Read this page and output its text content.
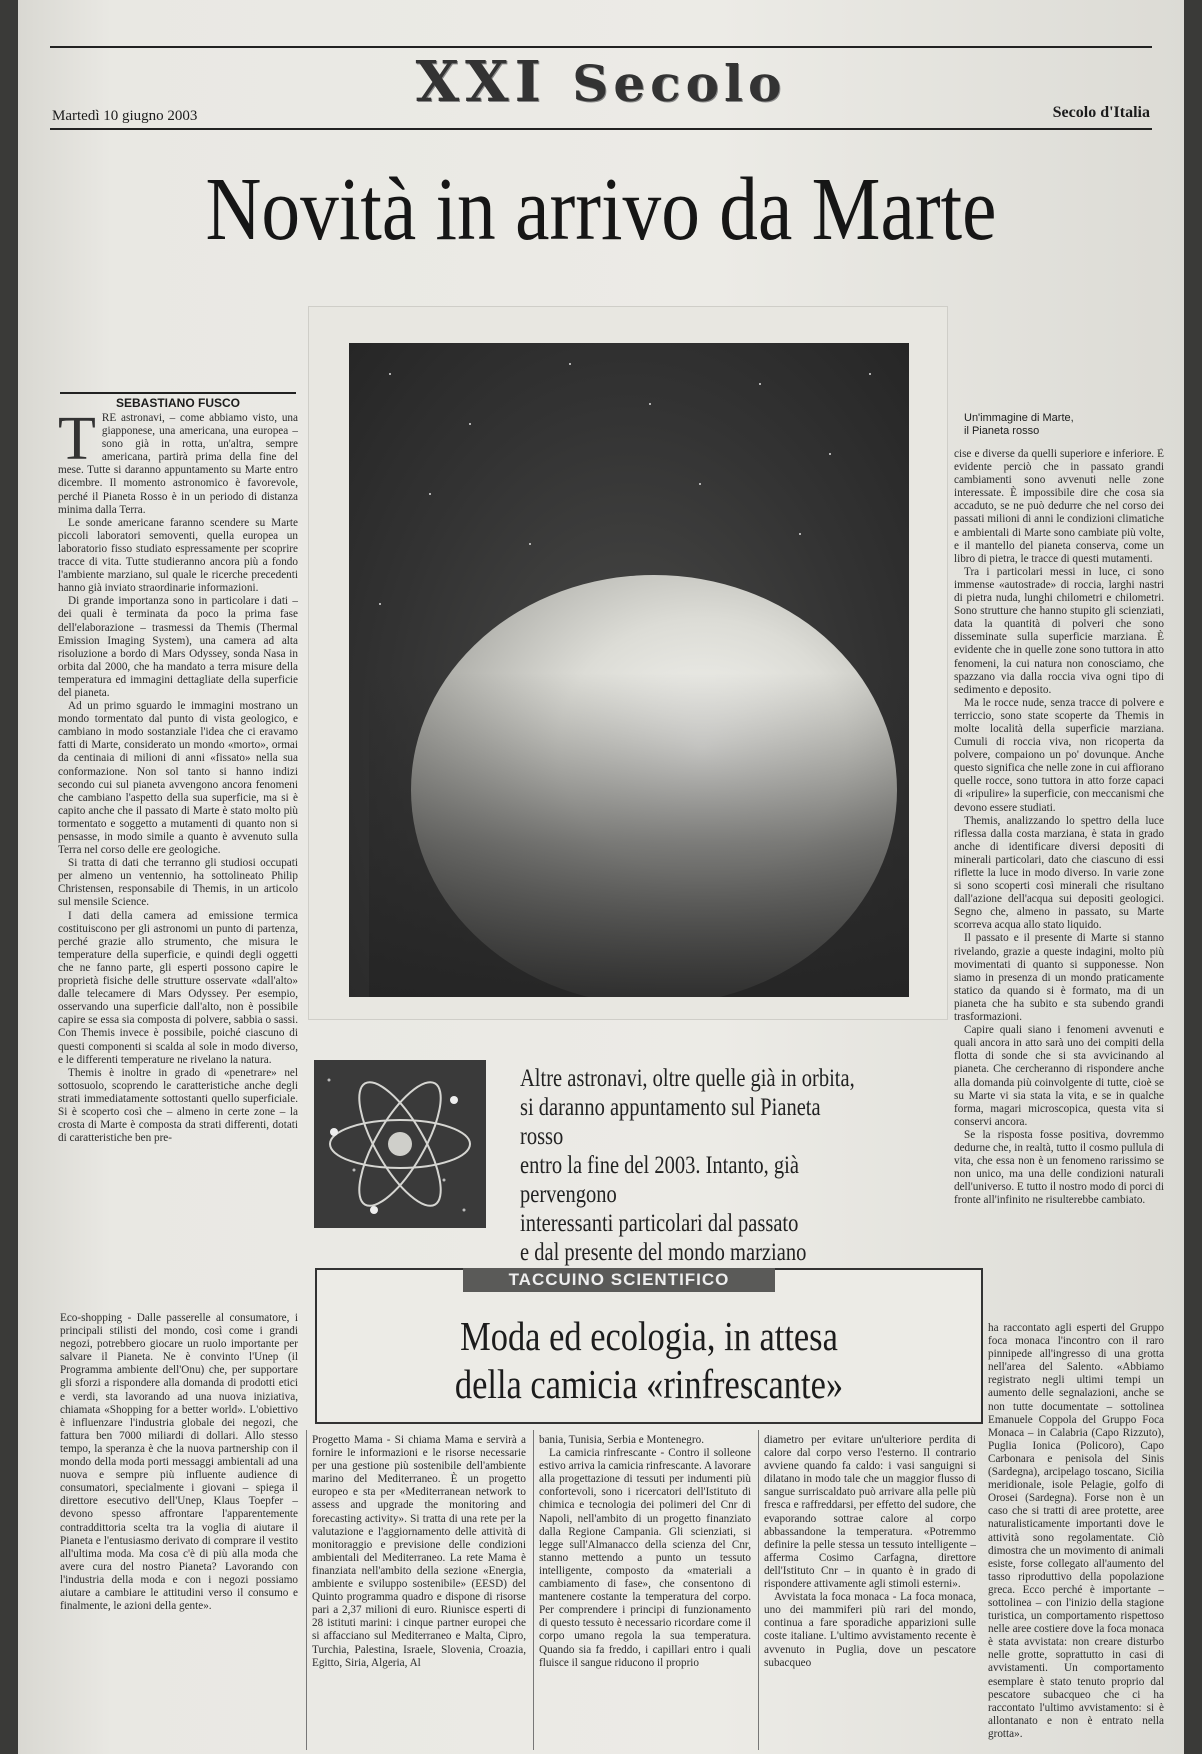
XXI Secolo
Martedì 10 giugno 2003	Secolo d'Italia
Novità in arrivo da Marte
SEBASTIANO FUSCO
T RE astronavi, – come abbiamo visto, una giapponese, una americana, una europea – sono già in rotta, un'altra, sempre americana, partirà prima della fine del mese. Tutte si daranno appuntamento su Marte entro dicembre. Il momento astronomico è favorevole, perché il Pianeta Rosso è in un periodo di distanza minima dalla Terra.

Le sonde americane faranno scendere su Marte piccoli laboratori semoventi, quella europea un laboratorio fisso studiato espressamente per scoprire tracce di vita. Tutte studieranno ancora più a fondo l'ambiente marziano, sul quale le ricerche precedenti hanno già inviato straordinarie informazioni.

Di grande importanza sono in particolare i dati – dei quali è terminata da poco la prima fase dell'elaborazione – trasmessi da Themis (Thermal Emission Imaging System), una camera ad alta risoluzione a bordo di Mars Odyssey, sonda Nasa in orbita dal 2000, che ha mandato a terra misure della temperatura ed immagini dettagliate della superficie del pianeta.

Ad un primo sguardo le immagini mostrano un mondo tormentato dal punto di vista geologico, e cambiano in modo sostanziale l'idea che ci eravamo fatti di Marte, considerato un mondo «morto», ormai da centinaia di milioni di anni «fissato» nella sua conformazione. Non sol tanto si hanno indizi secondo cui sul pianeta avvengono ancora fenomeni che cambiano l'aspetto della sua superficie, ma si è capito anche che il passato di Marte è stato molto più tormentato e soggetto a mutamenti di quanto non si pensasse, in modo simile a quanto è avvenuto sulla Terra nel corso delle ere geologiche.

Si tratta di dati che terranno gli studiosi occupati per almeno un ventennio, ha sottolineato Philip Christensen, responsabile di Themis, in un articolo sul mensile Science.

I dati della camera ad emissione termica costituiscono per gli astronomi un punto di partenza, perché grazie allo strumento, che misura le temperature della superficie, e quindi degli oggetti che ne fanno parte, gli esperti possono capire le proprietà fisiche delle strutture osservate «dall'alto» dalle telecamere di Mars Odyssey. Per esempio, osservando una superficie dall'alto, non è possibile capire se essa sia composta di polvere, sabbia o sassi. Con Themis invece è possibile, poiché ciascuno di questi componenti si scalda al sole in modo diverso, e le differenti temperature ne rivelano la natura.

Themis è inoltre in grado di «penetrare» nel sottosuolo, scoprendo le caratteristiche anche degli strati immediatamente sottostanti quello superficiale. Si è scoperto così che – almeno in certe zone – la crosta di Marte è composta da strati differenti, dotati di caratteristiche ben pre-

Un'immagine di Marte,
il Pianeta rosso

cise e diverse da quelli superiore e inferiore. È evidente perciò che in passato grandi cambiamenti sono avvenuti nelle zone interessate. È impossibile dire che cosa sia accaduto, se ne può dedurre che nel corso dei passati milioni di anni le condizioni climatiche e ambientali di Marte sono cambiate più volte, e il mantello del pianeta conserva, come un libro di pietra, le tracce di questi mutamenti.

Tra i particolari messi in luce, ci sono immense «autostrade» di roccia, larghi nastri di pietra nuda, lunghi chilometri e chilometri. Sono strutture che hanno stupito gli scienziati, data la quantità di polveri che sono disseminate sulla superficie marziana. È evidente che in quelle zone sono tuttora in atto fenomeni, la cui natura non conosciamo, che spazzano via dalla roccia viva ogni tipo di sedimento e deposito.

Ma le rocce nude, senza tracce di polvere e terriccio, sono state scoperte da Themis in molte località della superficie marziana. Cumuli di roccia viva, non ricoperta da polvere, compaiono un po' dovunque. Anche questo significa che nelle zone in cui affiorano quelle rocce, sono tuttora in atto forze capaci di «ripulire» la superficie, con meccanismi che devono essere studiati.

Themis, analizzando lo spettro della luce riflessa dalla costa marziana, è stata in grado anche di identificare diversi depositi di minerali particolari, dato che ciascuno di essi riflette la luce in modo diverso. In varie zone si sono scoperti così minerali che risultano dall'azione dell'acqua sui depositi geologici. Segno che, almeno in passato, su Marte scorreva acqua allo stato liquido.

Il passato e il presente di Marte si stanno rivelando, grazie a queste indagini, molto più movimentati di quanto si supponesse. Non siamo in presenza di un mondo praticamente statico da quando si è formato, ma di un pianeta che ha subito e sta subendo grandi trasformazioni.

Capire quali siano i fenomeni avvenuti e quali ancora in atto sarà uno dei compiti della flotta di sonde che si sta avvicinando al pianeta. Che cercheranno di rispondere anche alla domanda più coinvolgente di tutte, cioè se su Marte vi sia stata la vita, e se in qualche forma, magari microscopica, questa vita si conservi ancora.

Se la risposta fosse positiva, dovremmo dedurne che, in realtà, tutto il cosmo pullula di vita, che essa non è un fenomeno rarissimo se non unico, ma una delle condizioni naturali dell'universo. E tutto il nostro modo di porci di fronte all'infinito ne risulterebbe cambiato.

Altre astronavi, oltre quelle già in orbita,
si daranno appuntamento sul Pianeta rosso
entro la fine del 2003. Intanto, già pervengono
interessanti particolari dal passato
e dal presente del mondo marziano
TACCUINO SCIENTIFICO
Moda ed ecologia, in attesa
della camicia «rinfrescante»

Eco-shopping - Dalle passerelle al consumatore, i principali stilisti del mondo, così come i grandi negozi, potrebbero giocare un ruolo importante per salvare il Pianeta. Ne è convinto l'Unep (il Programma ambiente dell'Onu) che, per supportare gli sforzi a rispondere alla domanda di prodotti etici e verdi, sta lavorando ad una nuova iniziativa, chiamata «Shopping for a better world». L'obiettivo è influenzare l'industria globale dei negozi, che fattura ben 7000 miliardi di dollari. Allo stesso tempo, la speranza è che la nuova partnership con il mondo della moda porti messaggi ambientali ad una nuova e sempre più influente audience di consumatori, specialmente i giovani – spiega il direttore esecutivo dell'Unep, Klaus Toepfer – devono spesso affrontare l'apparentemente contraddittoria scelta tra la voglia di aiutare il Pianeta e l'entusiasmo derivato di comprare il vestito all'ultima moda. Ma cosa c'è di più alla moda che avere cura del nostro Pianeta? Lavorando con l'industria della moda e con i negozi possiamo aiutare a cambiare le attitudini verso il consumo e finalmente, le azioni della gente».

Progetto Mama - Si chiama Mama e servirà a fornire le informazioni e le risorse necessarie per una gestione più sostenibile dell'ambiente marino del Mediterraneo. È un progetto europeo e sta per «Mediterranean network to assess and upgrade the monitoring and forecasting activity». Si tratta di una rete per la valutazione e l'aggiornamento delle attività di monitoraggio e previsione delle condizioni ambientali del Mediterraneo. La rete Mama è finanziata nell'ambito della sezione «Energia, ambiente e sviluppo sostenibile» (EESD) del Quinto programma quadro e dispone di risorse pari a 2,37 milioni di euro. Riunisce esperti di 28 istituti marini: i cinque partner europei che si affacciano sul Mediterraneo e Malta, Cipro, Turchia, Palestina, Israele, Slovenia, Croazia, Egitto, Siria, Algeria, Al

bania, Tunisia, Serbia e Montenegro.

La camicia rinfrescante - Contro il solleone estivo arriva la camicia rinfrescante. A lavorare alla progettazione di tessuti per indumenti più confortevoli, sono i ricercatori dell'Istituto di chimica e tecnologia dei polimeri del Cnr di Napoli, nell'ambito di un progetto finanziato dalla Regione Campania. Gli scienziati, si legge sull'Almanacco della scienza del Cnr, stanno mettendo a punto un tessuto intelligente, composto da «materiali a cambiamento di fase», che consentono di mantenere costante la temperatura del corpo. Per comprendere i principi di funzionamento di questo tessuto è necessario ricordare come il corpo umano regola la sua temperatura. Quando sia fa freddo, i capillari entro i quali fluisce il sangue riducono il proprio

diametro per evitare un'ulteriore perdita di calore dal corpo verso l'esterno. Il contrario avviene quando fa caldo: i vasi sanguigni si dilatano in modo tale che un maggior flusso di sangue surriscaldato può arrivare alla pelle più fresca e raffreddarsi, per effetto del sudore, che evaporando sottrae calore al corpo abbassandone la temperatura. «Potremmo definire la pelle stessa un tessuto intelligente – afferma Cosimo Carfagna, direttore dell'Istituto Cnr – in quanto è in grado di rispondere attivamente agli stimoli esterni».

Avvistata la foca monaca - La foca monaca, uno dei mammiferi più rari del mondo, continua a fare sporadiche apparizioni sulle coste italiane. L'ultimo avvistamento recente è avvenuto in Puglia, dove un pescatore subacqueo

ha raccontato agli esperti del Gruppo foca monaca l'incontro con il raro pinnipede all'ingresso di una grotta nell'area del Salento. «Abbiamo registrato negli ultimi tempi un aumento delle segnalazioni, anche se non tutte documentate – sottolinea Emanuele Coppola del Gruppo Foca Monaca – in Calabria (Capo Rizzuto), Puglia Ionica (Policoro), Capo Carbonara e penisola del Sinis (Sardegna), arcipelago toscano, Sicilia meridionale, isole Pelagie, golfo di Orosei (Sardegna). Forse non è un caso che si tratti di aree protette, aree naturalisticamente importanti dove le attività sono regolamentate. Ciò dimostra che un movimento di animali esiste, forse collegato all'aumento del tasso riproduttivo della popolazione greca. Ecco perché è importante – sottolinea – con l'inizio della stagione turistica, un comportamento rispettoso nelle aree costiere dove la foca monaca è stata avvistata: non creare disturbo nelle grotte, soprattutto in casi di avvistamenti. Un comportamento esemplare è stato tenuto proprio dal pescatore subacqueo che ci ha raccontato l'ultimo avvistamento: si è allontanato e non è entrato nella grotta».
